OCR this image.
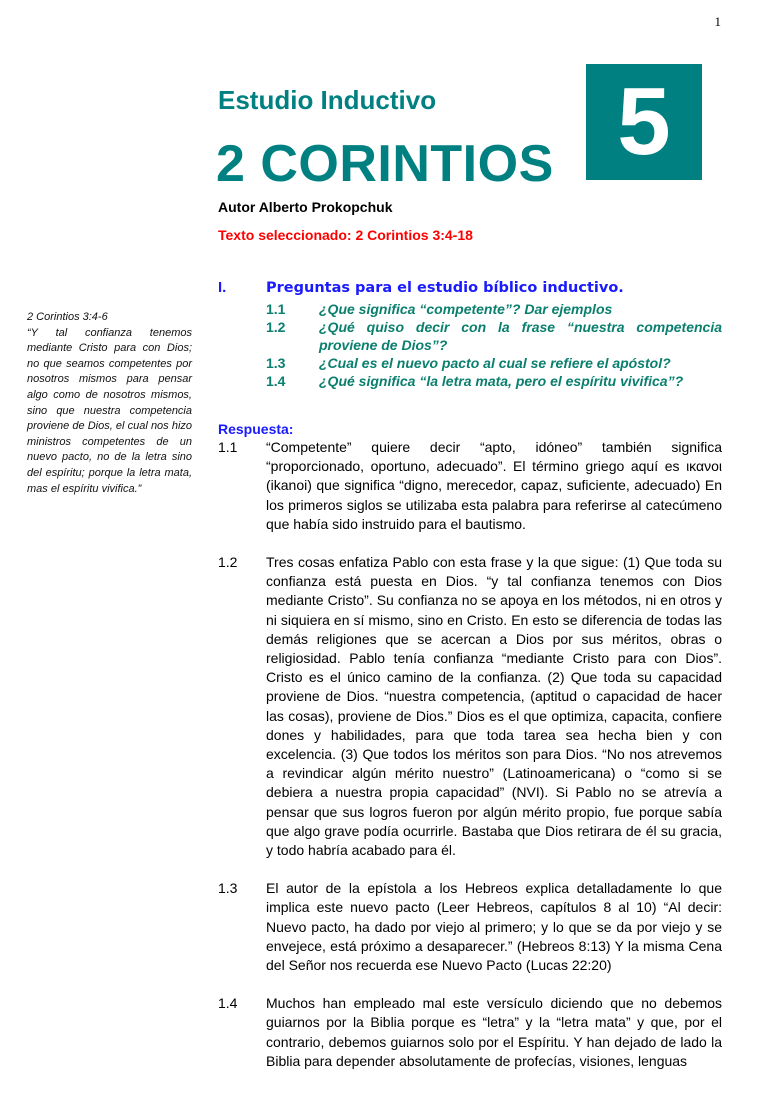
1
Estudio Inductivo
2 CORINTIOS
Autor Alberto Prokopchuk
5
Texto seleccionado: 2 Corintios 3:4-18
2 Corintios 3:4-6
“Y tal confianza tenemos mediante Cristo para con Dios; no que seamos competentes por nosotros mismos para pensar algo como de nosotros mismos, sino que nuestra competencia proviene de Dios, el cual nos hizo ministros competentes de un nuevo pacto, no de la letra sino del espíritu; porque la letra mata, mas el espíritu vivifica.”
I.	Preguntas para el estudio bíblico inductivo.
1.1	¿Que significa “competente”? Dar ejemplos
1.2	¿Qué quiso decir con la frase “nuestra competencia proviene de Dios”?
1.3	¿Cual es el nuevo pacto al cual se refiere el apóstol?
1.4	¿Qué significa “la letra mata, pero el espíritu vivifica”?
Respuesta:
1.1	“Competente” quiere decir “apto, idóneo” también significa “proporcionado, oportuno, adecuado”. El término griego aquí es ικανοι (ikanoi) que significa “digno, merecedor, capaz, suficiente, adecuado) En los primeros siglos se utilizaba esta palabra para referirse al catecúmeno que había sido instruido para el bautismo.
1.2	Tres cosas enfatiza Pablo con esta frase y la que sigue: (1) Que toda su confianza está puesta en Dios. “y tal confianza tenemos con Dios mediante Cristo”. Su confianza no se apoya en los métodos, ni en otros y ni siquiera en sí mismo, sino en Cristo. En esto se diferencia de todas las demás religiones que se acercan a Dios por sus méritos, obras o religiosidad. Pablo tenía confianza “mediante Cristo para con Dios”. Cristo es el único camino de la confianza. (2) Que toda su capacidad proviene de Dios. “nuestra competencia, (aptitud o capacidad de hacer las cosas), proviene de Dios.” Dios es el que optimiza, capacita, confiere dones y habilidades, para que toda tarea sea hecha bien y con excelencia. (3) Que todos los méritos son para Dios. “No nos atrevemos a revindicar algún mérito nuestro” (Latinoamericana) o “como si se debiera a nuestra propia capacidad” (NVI). Si Pablo no se atrevía a pensar que sus logros fueron por algún mérito propio, fue porque sabía que algo grave podía ocurrirle. Bastaba que Dios retirara de él su gracia, y todo habría acabado para él.
1.3	El autor de la epístola a los Hebreos explica detalladamente lo que implica este nuevo pacto (Leer Hebreos, capítulos 8 al 10) “Al decir: Nuevo pacto, ha dado por viejo al primero; y lo que se da por viejo y se envejece, está próximo a desaparecer.” (Hebreos 8:13) Y la misma Cena del Señor nos recuerda ese Nuevo Pacto (Lucas 22:20)
1.4	Muchos han empleado mal este versículo diciendo que no debemos guiarnos por la Biblia porque es “letra” y la “letra mata” y que, por el contrario, debemos guiarnos solo por el Espíritu. Y han dejado de lado la Biblia para depender absolutamente de profecías, visiones, lenguas
